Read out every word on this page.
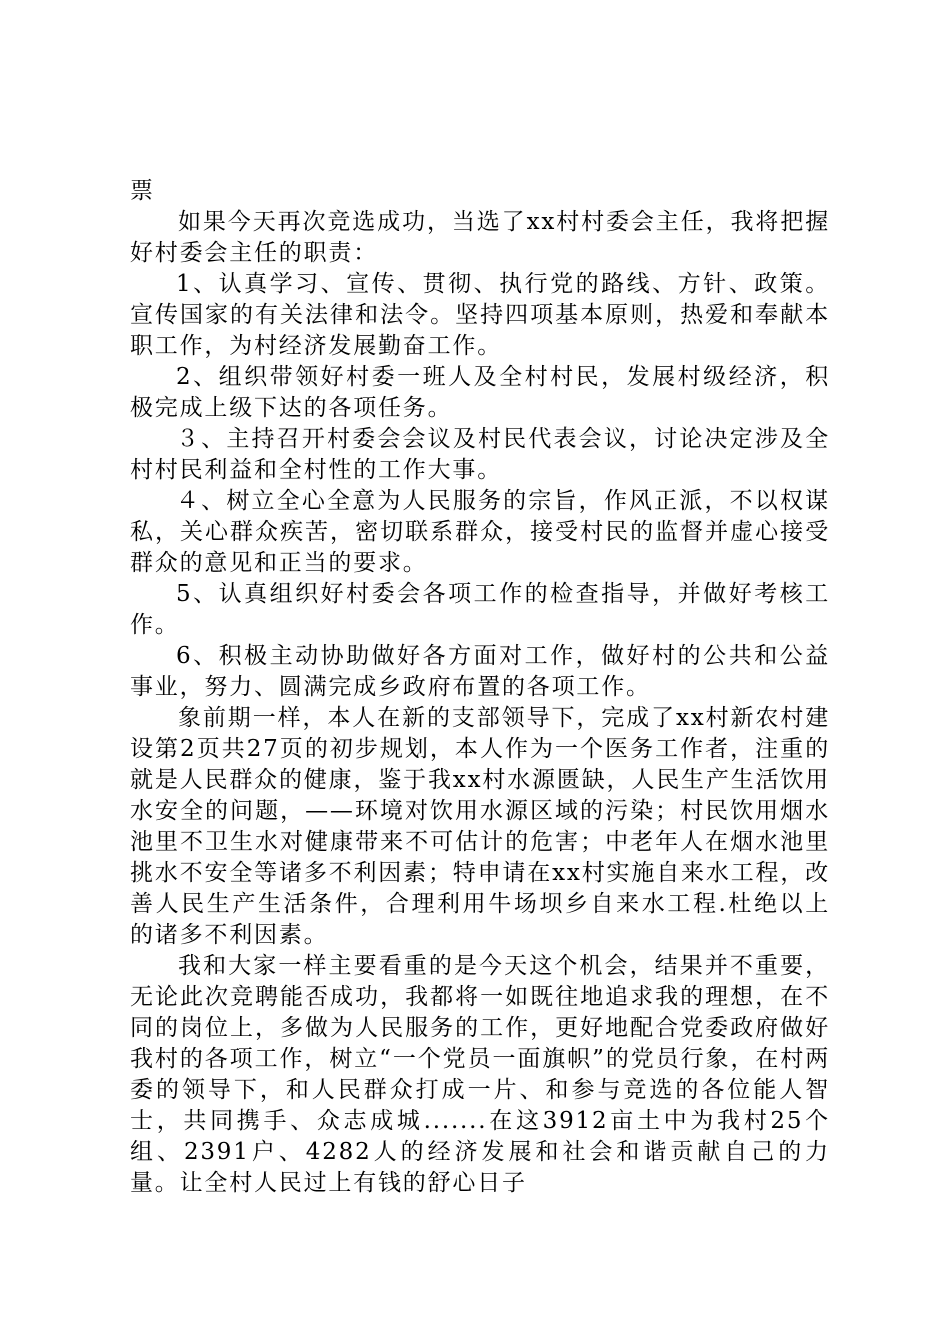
票

如果今天再次竞选成功，当选了xx村村委会主任，我将把握好村委会主任的职责：

1、认真学习、宣传、贯彻、执行党的路线、方针、政策。宣传国家的有关法律和法令。坚持四项基本原则，热爱和奉献本职工作，为村经济发展勤奋工作。

2、组织带领好村委一班人及全村村民，发展村级经济，积极完成上级下达的各项任务。

３、主持召开村委会会议及村民代表会议，讨论决定涉及全村村民利益和全村性的工作大事。

４、树立全心全意为人民服务的宗旨，作风正派，不以权谋私，关心群众疾苦，密切联系群众，接受村民的监督并虚心接受群众的意见和正当的要求。

5、认真组织好村委会各项工作的检查指导，并做好考核工作。

6、积极主动协助做好各方面对工作，做好村的公共和公益事业，努力、圆满完成乡政府布置的各项工作。

象前期一样，本人在新的支部领导下，完成了xx村新农村建设第2页共27页的初步规划，本人作为一个医务工作者，注重的就是人民群众的健康，鉴于我xx村水源匮缺，人民生产生活饮用水安全的问题，——环境对饮用水源区域的污染；村民饮用烟水池里不卫生水对健康带来不可估计的危害；中老年人在烟水池里挑水不安全等诸多不利因素；特申请在xx村实施自来水工程，改善人民生产生活条件，合理利用牛场坝乡自来水工程.杜绝以上的诸多不利因素。

我和大家一样主要看重的是今天这个机会，结果并不重要，无论此次竞聘能否成功，我都将一如既往地追求我的理想，在不同的岗位上，多做为人民服务的工作，更好地配合党委政府做好我村的各项工作，树立“一个党员一面旗帜”的党员行象，在村两委的领导下，和人民群众打成一片、和参与竞选的各位能人智士，共同携手、众志成城.......在这3912亩土中为我村25个组、2391户、4282人的经济发展和社会和谐贡献自己的力量。让全村人民过上有钱的舒心日子
